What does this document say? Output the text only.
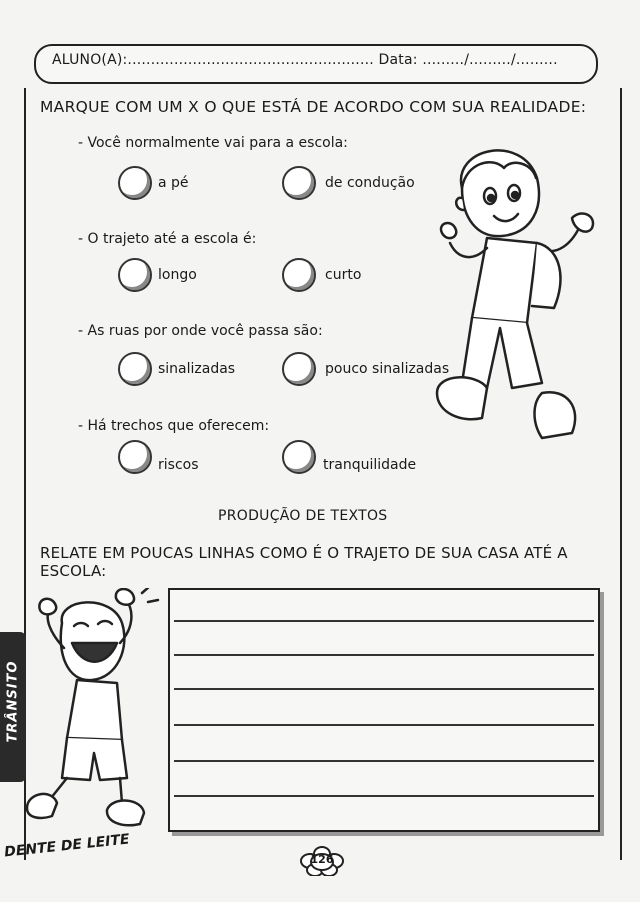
ALUNO(A):..................................................... Data: ........./........./.........
MARQUE COM UM X O QUE ESTÁ DE ACORDO COM SUA REALIDADE:
- Você normalmente vai para a escola:
a pé	de condução
- O trajeto até a escola é:
longo	curto
- As ruas por onde você passa são:
sinalizadas	pouco sinalizadas
- Há trechos que oferecem:
riscos	tranquilidade
PRODUÇÃO DE TEXTOS
RELATE EM POUCAS LINHAS COMO É O TRAJETO DE SUA CASA ATÉ A ESCOLA:
TRÂNSITO
DENTE DE LEITE	126
